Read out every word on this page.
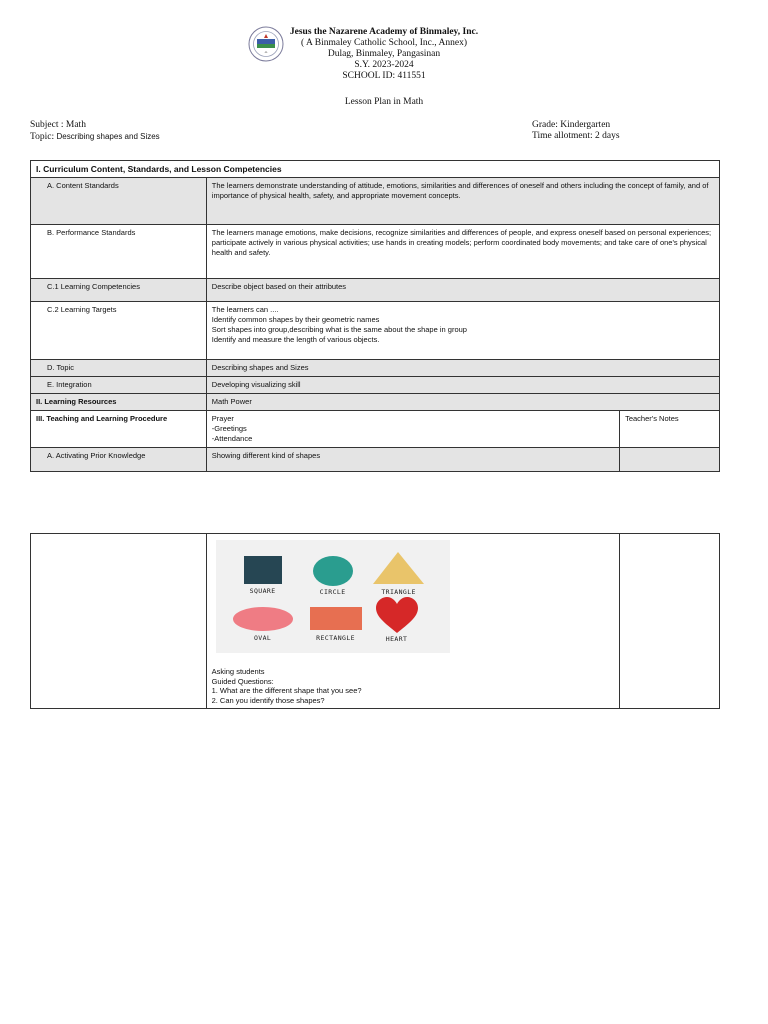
⁂
Jesus the Nazarene Academy of Binmaley, Inc.
( A Binmaley Catholic School, Inc., Annex)
Dulag, Binmaley, Pangasinan
S.Y. 2023-2024
SCHOOL ID: 411551
Lesson Plan in Math
Subject : Math
Topic: Describing shapes and Sizes
Grade: Kindergarten
Time allotment: 2 days
I. Curriculum Content, Standards, and Lesson Competencies		
A. Content Standards	The learners demonstrate understanding of attitude, emotions, similarities and differences of oneself and others including the concept of family, and of importance of physical health, safety, and appropriate movement concepts.	
B. Performance Standards	The learners manage emotions, make decisions, recognize similarities and differences of people, and express oneself based on personal experiences; participate actively in various physical activities; use hands in creating models; perform coordinated body movements; and take care of one's physical health and safety.	
C.1 Learning Competencies	Describe object based on their attributes	
C.2 Learning Targets	The learners can ....
Identify common shapes by their geometric names
Sort shapes into group,describing what is the same about the shape in group
Identify and measure the length of various objects.	

D. Topic	Describing shapes and Sizes	
E. Integration	Developing visualizing skill	
II. Learning Resources	Math Power	
III. Teaching and Learning Procedure	Prayer
-Greetings
-Attendance	Teacher's Notes
A. Activating Prior Knowledge	Showing different kind of shapes	

SQUARE	CIRCLE	TRIANGLE
OVAL	RECTANGLE	HEART
Asking students
Guided Questions:
1. What are the different shape that you see?
2. Can you identify those shapes?
